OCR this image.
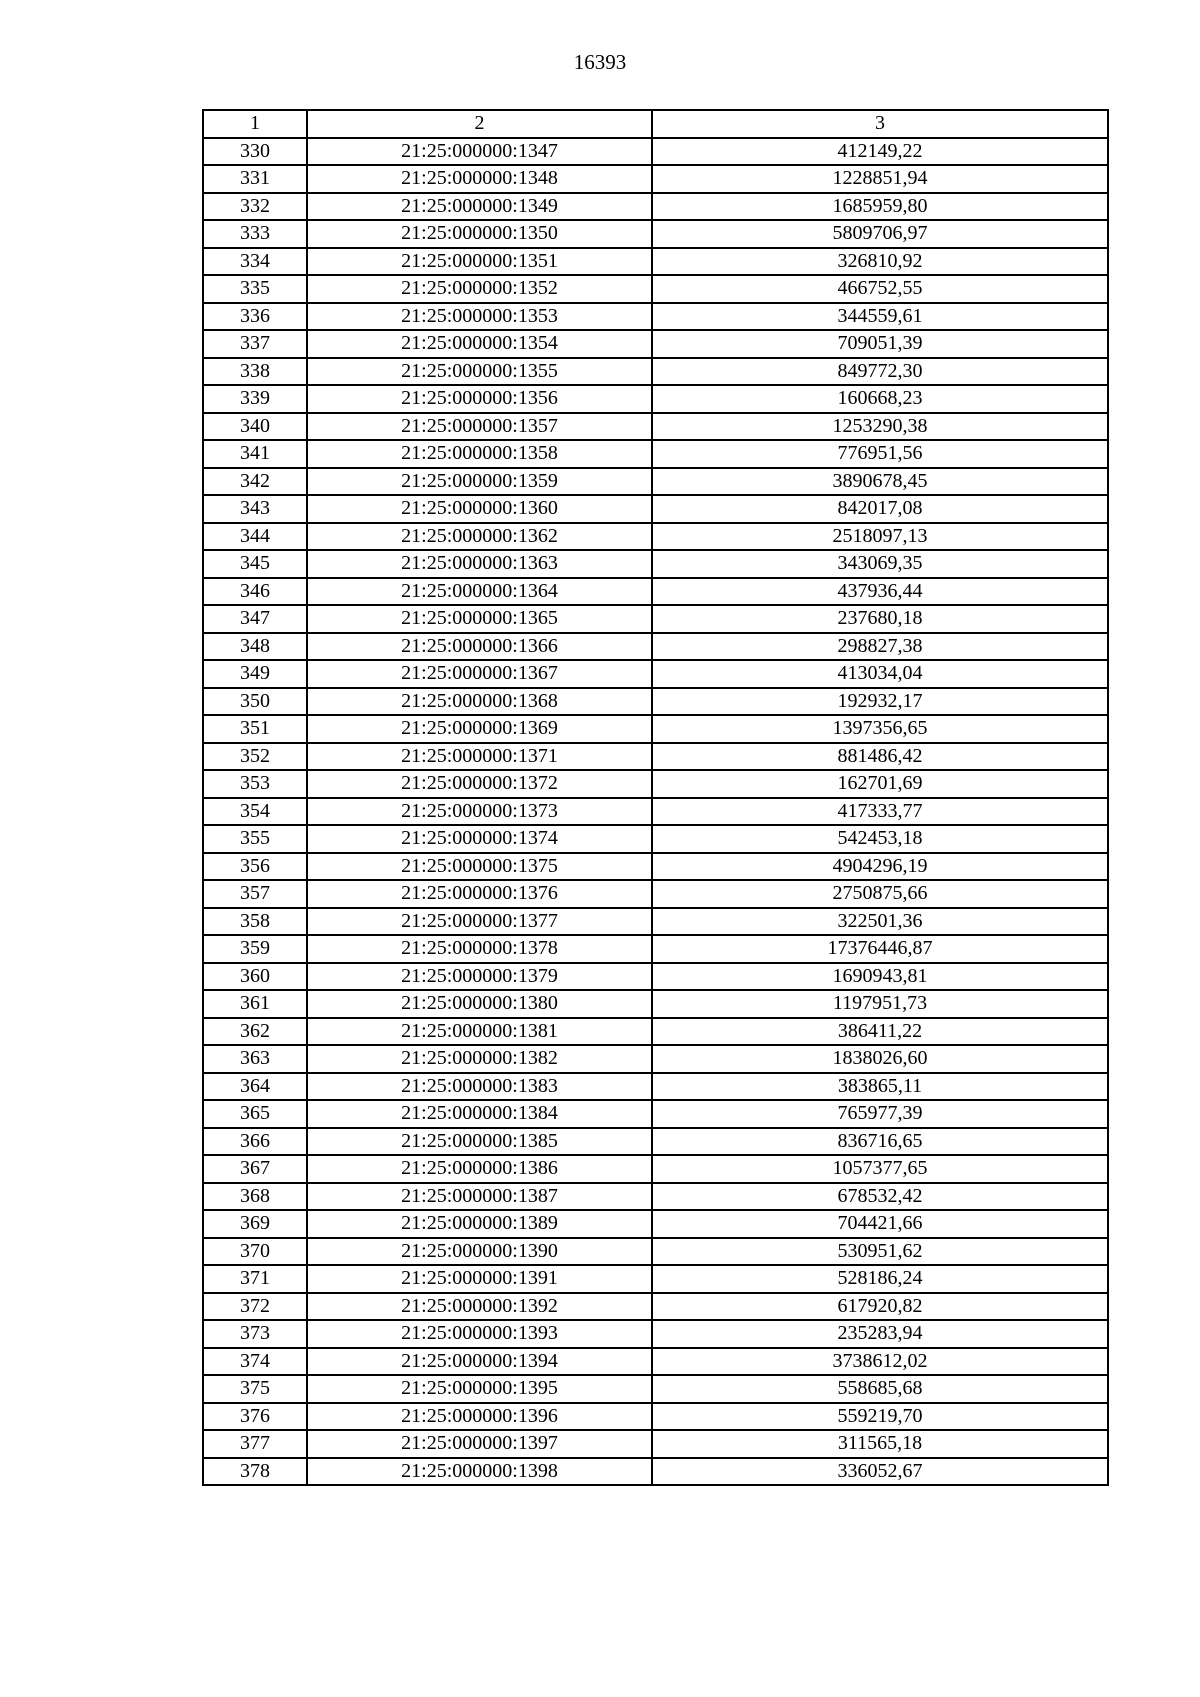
16393
1	2	3
330	21:25:000000:1347	412149,22
331	21:25:000000:1348	1228851,94
332	21:25:000000:1349	1685959,80
333	21:25:000000:1350	5809706,97
334	21:25:000000:1351	326810,92
335	21:25:000000:1352	466752,55
336	21:25:000000:1353	344559,61
337	21:25:000000:1354	709051,39
338	21:25:000000:1355	849772,30
339	21:25:000000:1356	160668,23
340	21:25:000000:1357	1253290,38
341	21:25:000000:1358	776951,56
342	21:25:000000:1359	3890678,45
343	21:25:000000:1360	842017,08
344	21:25:000000:1362	2518097,13
345	21:25:000000:1363	343069,35
346	21:25:000000:1364	437936,44
347	21:25:000000:1365	237680,18
348	21:25:000000:1366	298827,38
349	21:25:000000:1367	413034,04
350	21:25:000000:1368	192932,17
351	21:25:000000:1369	1397356,65
352	21:25:000000:1371	881486,42
353	21:25:000000:1372	162701,69
354	21:25:000000:1373	417333,77
355	21:25:000000:1374	542453,18
356	21:25:000000:1375	4904296,19
357	21:25:000000:1376	2750875,66
358	21:25:000000:1377	322501,36
359	21:25:000000:1378	17376446,87
360	21:25:000000:1379	1690943,81
361	21:25:000000:1380	1197951,73
362	21:25:000000:1381	386411,22
363	21:25:000000:1382	1838026,60
364	21:25:000000:1383	383865,11
365	21:25:000000:1384	765977,39
366	21:25:000000:1385	836716,65
367	21:25:000000:1386	1057377,65
368	21:25:000000:1387	678532,42
369	21:25:000000:1389	704421,66
370	21:25:000000:1390	530951,62
371	21:25:000000:1391	528186,24
372	21:25:000000:1392	617920,82
373	21:25:000000:1393	235283,94
374	21:25:000000:1394	3738612,02
375	21:25:000000:1395	558685,68
376	21:25:000000:1396	559219,70
377	21:25:000000:1397	311565,18
378	21:25:000000:1398	336052,67
